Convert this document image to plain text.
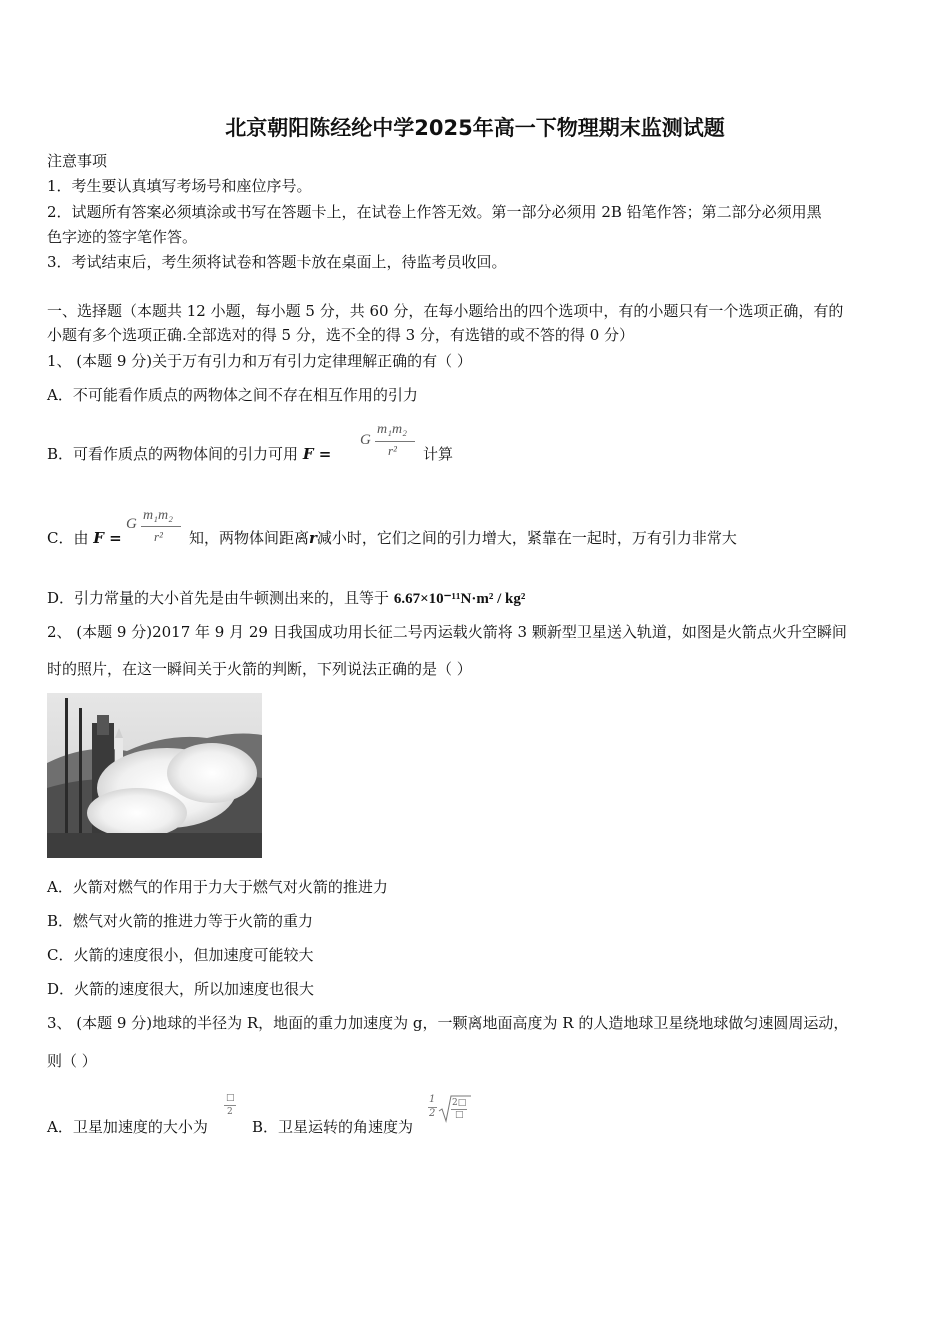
北京朝阳陈经纶中学2025年高一下物理期末监测试题
注意事项
1．考生要认真填写考场号和座位序号。
2．试题所有答案必须填涂或书写在答题卡上，在试卷上作答无效。第一部分必须用 2B 铅笔作答；第二部分必须用黑
色字迹的签字笔作答。
3．考试结束后，考生须将试卷和答题卡放在桌面上，待监考员收回。
一、选择题（本题共 12 小题，每小题 5 分，共 60 分，在每小题给出的四个选项中，有的小题只有一个选项正确，有的
小题有多个选项正确.全部选对的得 5 分，选不全的得 3 分，有选错的或不答的得 0 分）
1、 (本题 9 分)关于万有引力和万有引力定律理解正确的有（ ）
A．不可能看作质点的两物体之间不存在相互作用的引力
B．可看作质点的两物体间的引力可用 F =
G
m₁m₂
r² 计算
C．由 F =
G
m₁m₂
r² 知，两物体间距离r减小时，它们之间的引力增大，紧靠在一起时，万有引力非常大
D．引力常量的大小首先是由牛顿测出来的，且等于 6.67×10⁻¹¹N·m² / kg²
2、 (本题 9 分)2017 年 9 月 29 日我国成功用长征二号丙运载火箭将 3 颗新型卫星送入轨道，如图是火箭点火升空瞬间
时的照片，在这一瞬间关于火箭的判断，下列说法正确的是（ ）
A．火箭对燃气的作用于力大于燃气对火箭的推进力
B．燃气对火箭的推进力等于火箭的重力
C．火箭的速度很小，但加速度可能较大
D．火箭的速度很大，所以加速度也很大
3、 (本题 9 分)地球的半径为 R，地面的重力加速度为 g，一颗离地面高度为 R 的人造地球卫星绕地球做匀速圆周运动，
则（ ）
A．卫星加速度的大小为
□
2
B．卫星运转的角速度为
1
2
2□
□
